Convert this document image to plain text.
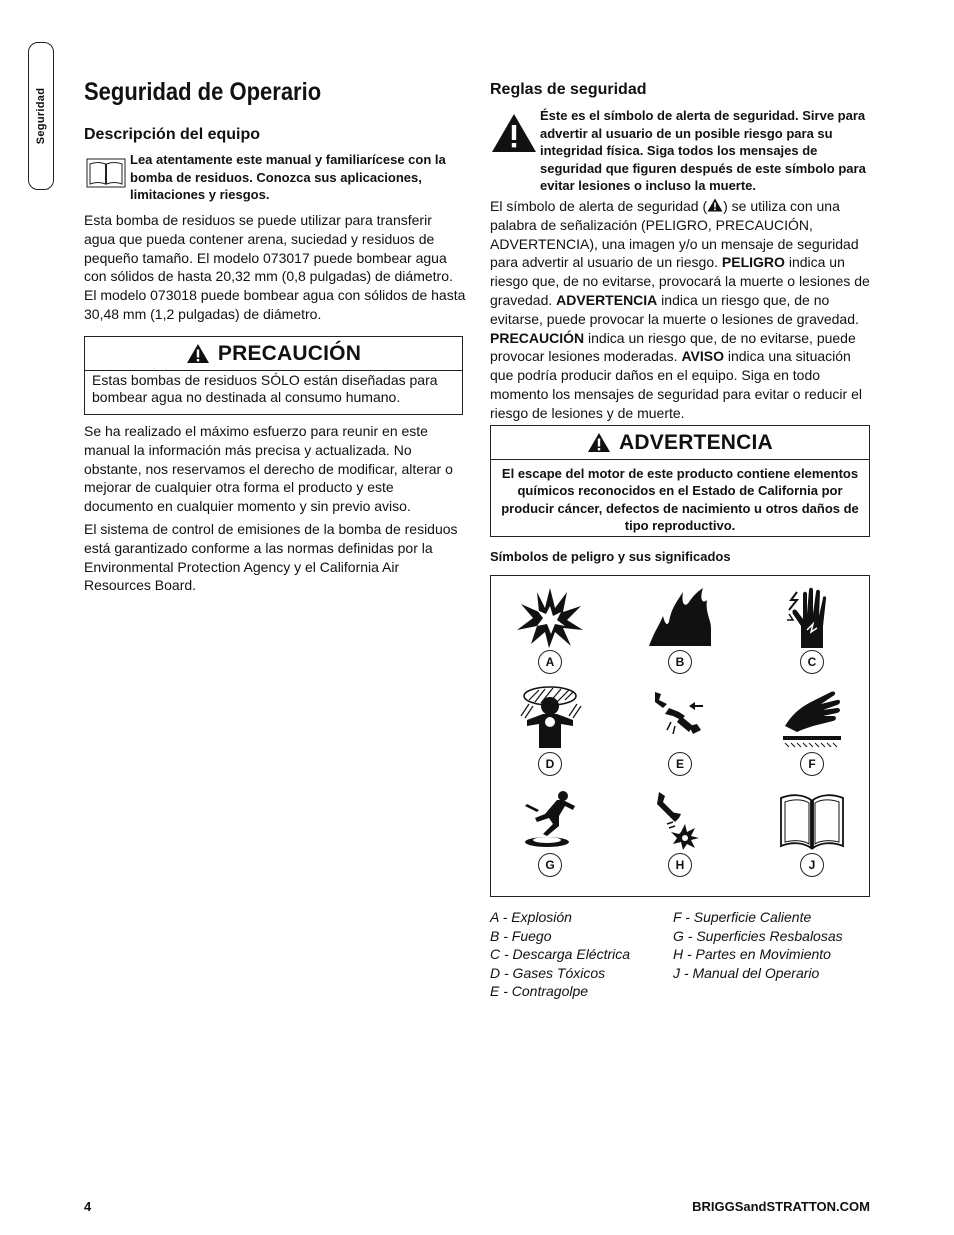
Seguridad Seguridad de Operario
Descripción del equipo
Lea atentamente este manual y familiarícese con la bomba de residuos. Conozca sus aplicaciones, limitaciones y riesgos.
Esta bomba de residuos se puede utilizar para transferir agua que pueda contener arena, suciedad y residuos de pequeño tamaño. El modelo 073017 puede bombear agua con sólidos de hasta 20,32 mm (0,8 pulgadas) de diámetro. El modelo 073018 puede bombear agua con sólidos de hasta 30,48 mm (1,2 pulgadas) de diámetro.
PRECAUCIÓN
Estas bombas de residuos SÓLO están diseñadas para bombear agua no destinada al consumo humano.
Se ha realizado el máximo esfuerzo para reunir en este manual la información más precisa y actualizada. No obstante, nos reservamos el derecho de modificar, alterar o mejorar de cualquier otra forma el producto y este documento en cualquier momento y sin previo aviso.
El sistema de control de emisiones de la bomba de residuos está garantizado conforme a las normas definidas por la Environmental Protection Agency y el California Air Resources Board.
Reglas de seguridad
Éste es el símbolo de alerta de seguridad. Sirve para advertir al usuario de un posible riesgo para su integridad física. Siga todos los mensajes de seguridad que figuren después de este símbolo para evitar lesiones o incluso la muerte.
El símbolo de alerta de seguridad ( ) se utiliza con una palabra de señalización (PELIGRO, PRECAUCIÓN, ADVERTENCIA), una imagen y/o un mensaje de seguridad para advertir al usuario de un riesgo. PELIGRO indica un riesgo que, de no evitarse, provocará la muerte o lesiones de gravedad. ADVERTENCIA indica un riesgo que, de no evitarse, puede provocar la muerte o lesiones de gravedad. PRECAUCIÓN indica un riesgo que, de no evitarse, puede provocar lesiones moderadas. AVISO indica una situación que podría producir daños en el equipo. Siga en todo momento los mensajes de seguridad para evitar o reducir el riesgo de lesiones y de muerte.
ADVERTENCIA
El escape del motor de este producto contiene elementos químicos reconocidos en el Estado de California por producir cáncer, defectos de nacimiento u otros daños de tipo reproductivo.
Símbolos de peligro y sus significados
A	B	C
D	E	F
G	H	J
A - Explosión
B - Fuego
C - Descarga Eléctrica
D - Gases Tóxicos
E - Contragolpe
F - Superficie Caliente
G - Superficies Resbalosas
H - Partes en Movimiento
J - Manual del Operario
4	BRIGGSandSTRATTON.COM
